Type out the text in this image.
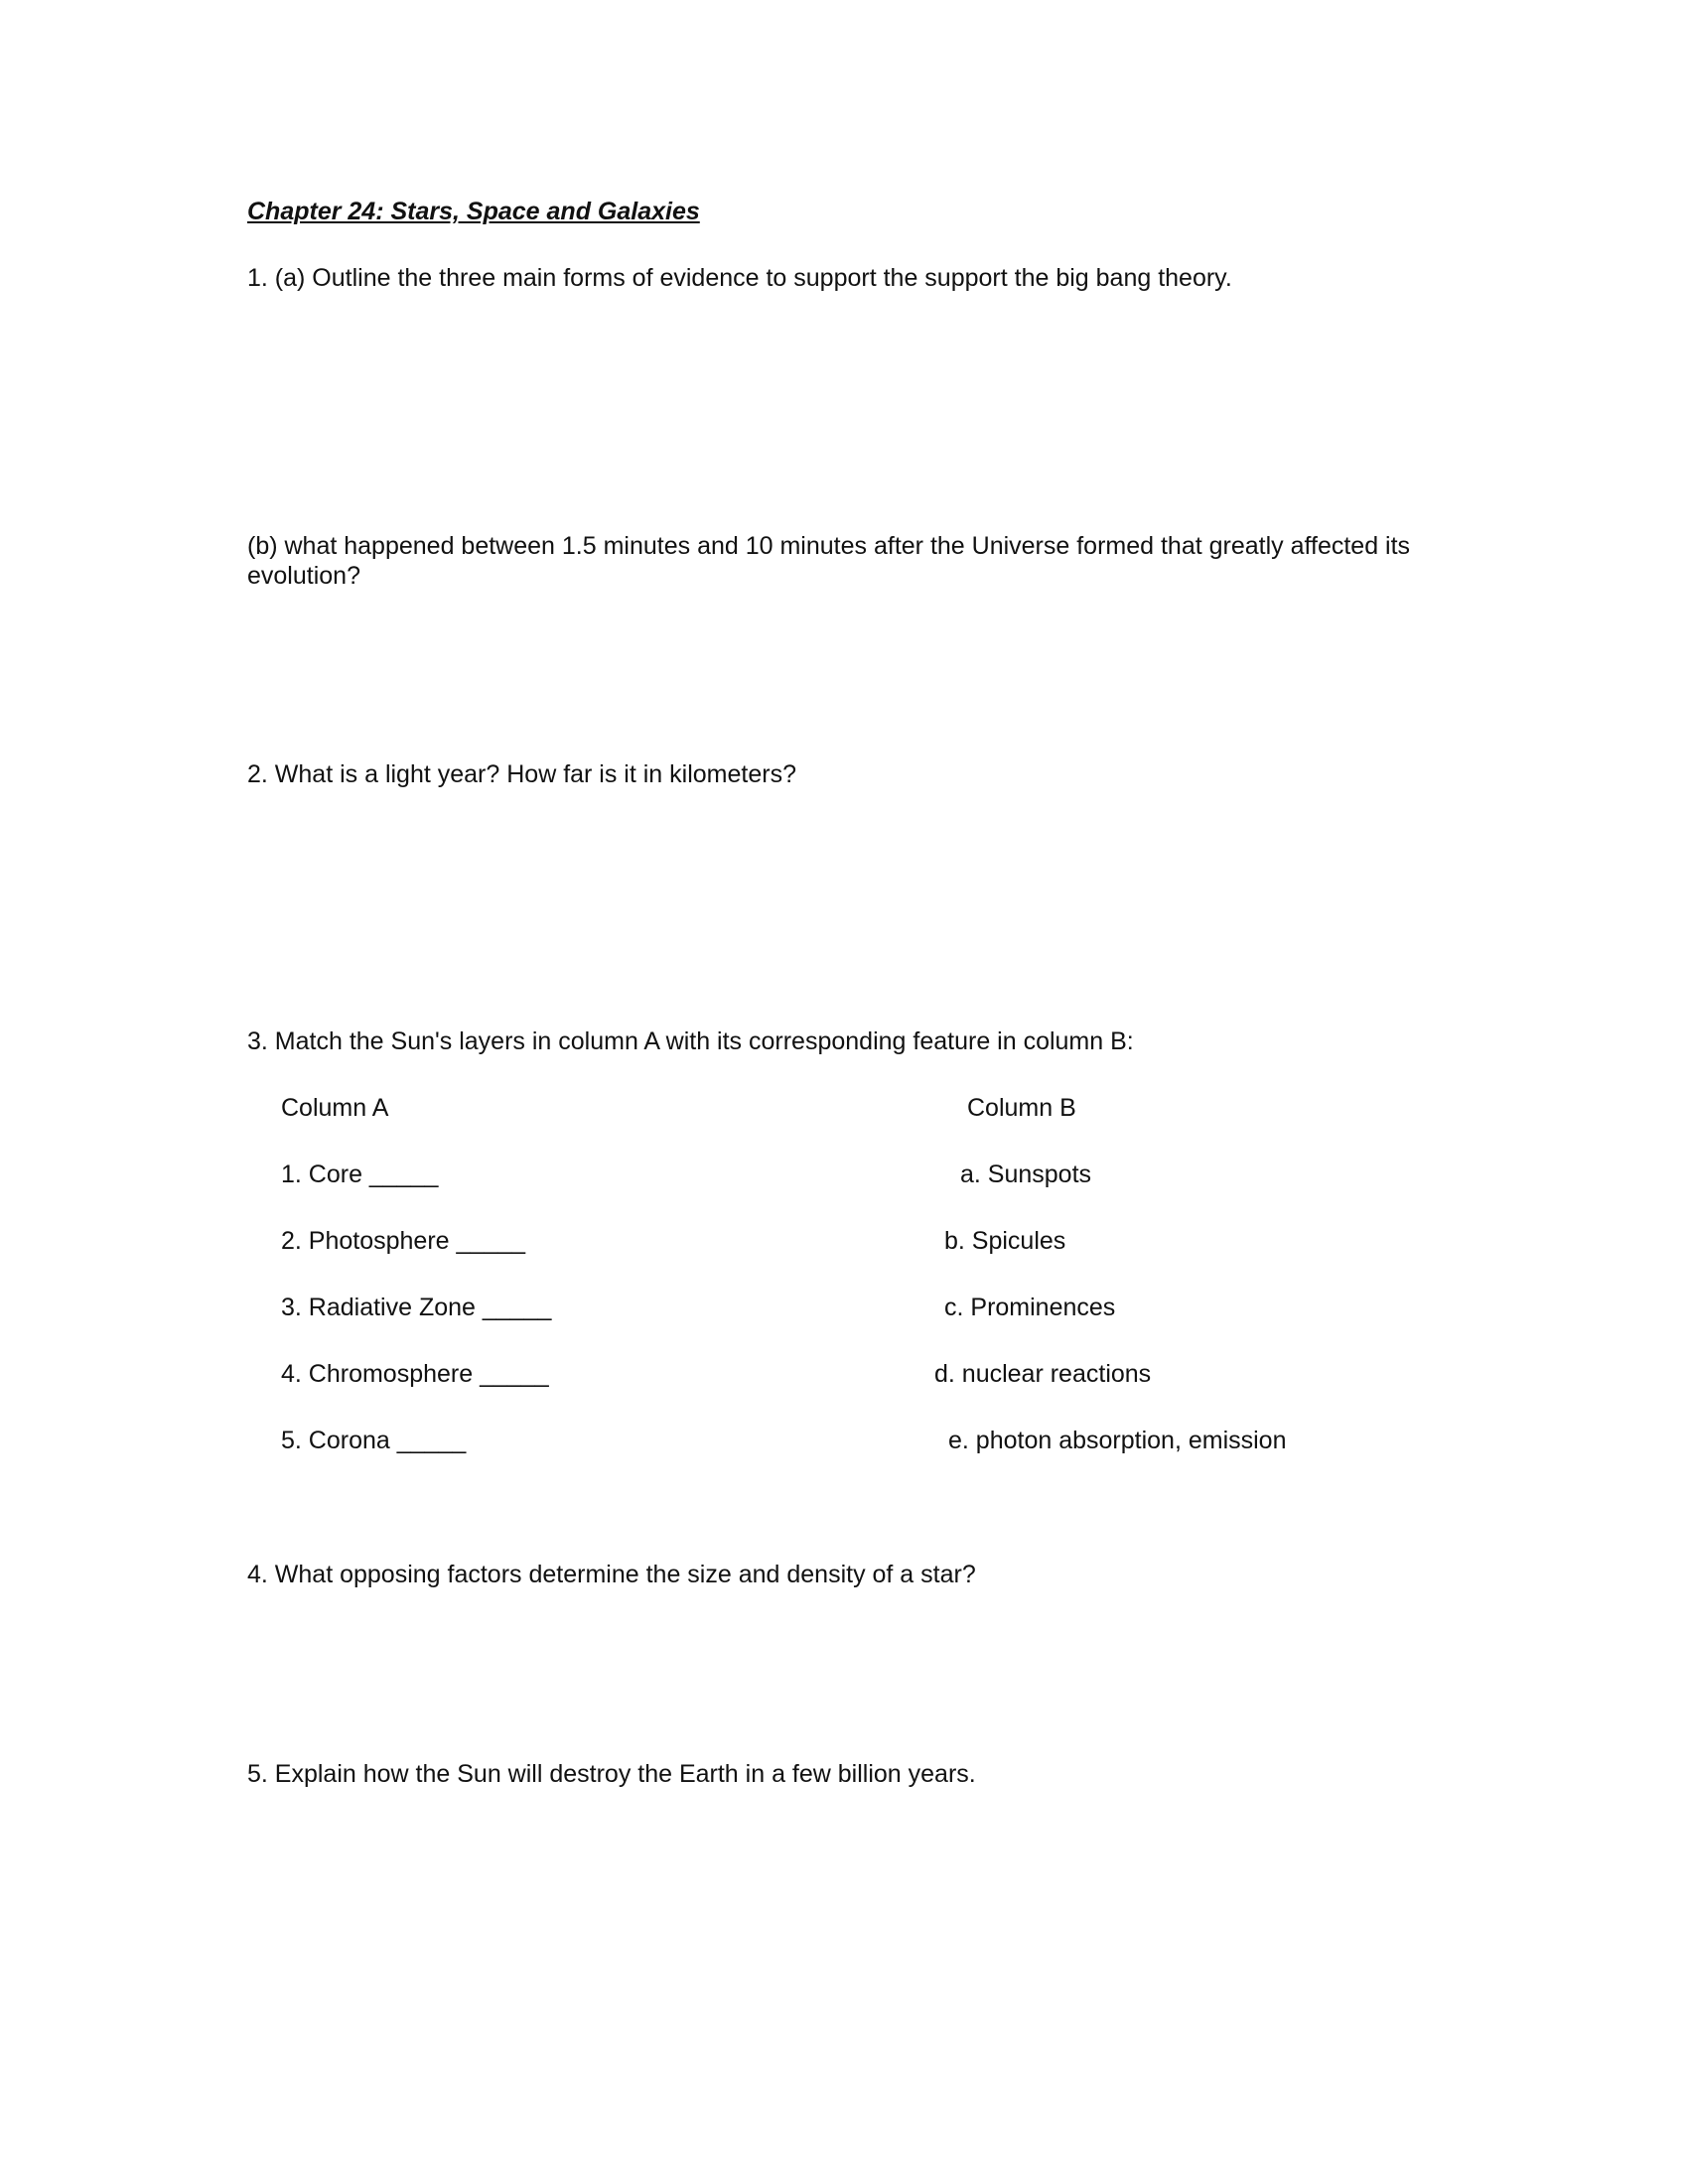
Chapter 24: Stars, Space and Galaxies
1. (a) Outline the three main forms of evidence to support the support the big bang theory.
(b) what happened between 1.5 minutes and 10 minutes after the Universe formed that greatly affected its evolution?
2. What is a light year? How far is it in kilometers?
3. Match the Sun's layers in column A with its corresponding feature in column B:
Column A	Column B
1. Core _____	a. Sunspots
2. Photosphere _____	b. Spicules
3. Radiative Zone _____	c. Prominences
4. Chromosphere _____	d. nuclear reactions
5. Corona _____	e. photon absorption, emission
4. What opposing factors determine the size and density of a star?
5. Explain how the Sun will destroy the Earth in a few billion years.
